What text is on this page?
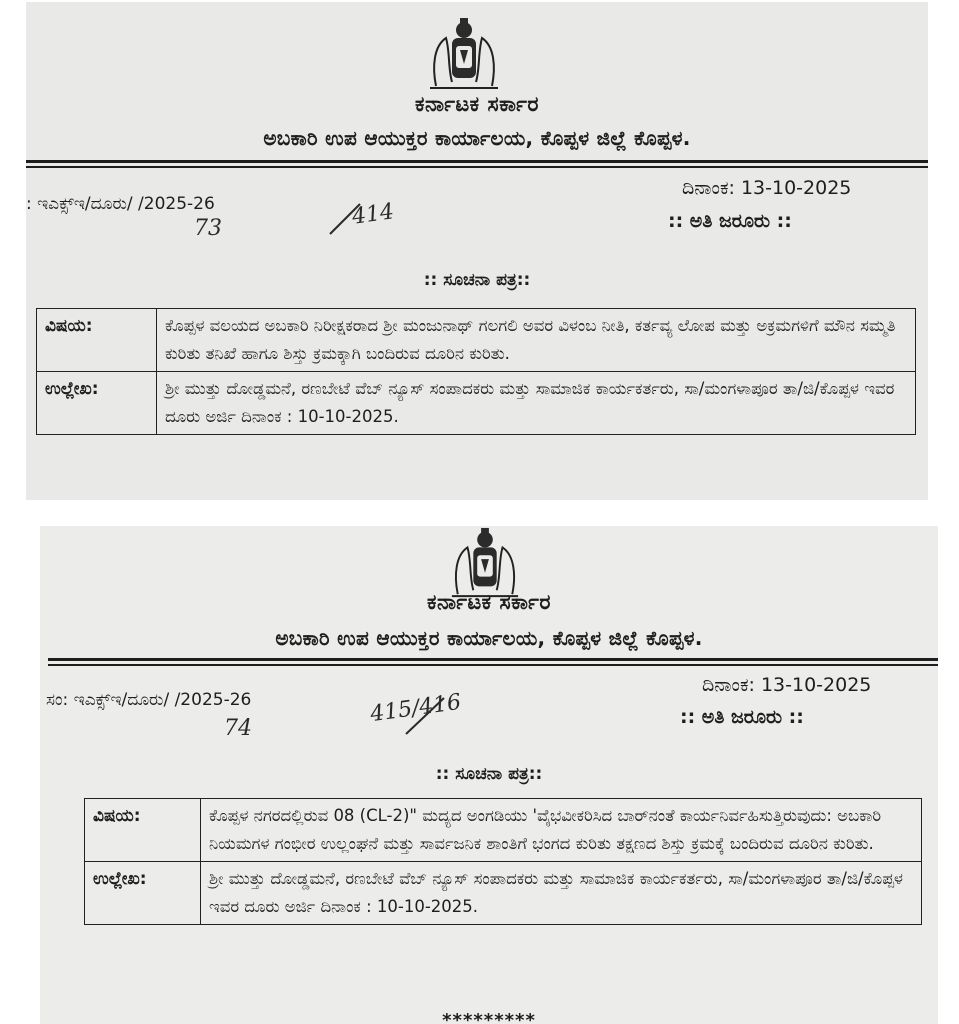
ಕರ್ನಾಟಕ ಸರ್ಕಾರ
ಅಬಕಾರಿ ಉಪ ಆಯುಕ್ತರ ಕಾರ್ಯಾಲಯ, ಕೊಪ್ಪಳ ಜಿಲ್ಲೆ ಕೊಪ್ಪಳ.
: ಇಎಕ್ಸ್ಇ/ದೂರು/ /2025-26
73	414
ದಿನಾಂಕ: 13-10-2025
:: ಅತಿ ಜರೂರು ::
:: ಸೂಚನಾ ಪತ್ರ::
ವಿಷಯ:	ಕೊಪ್ಪಳ ವಲಯದ ಅಬಕಾರಿ ನಿರೀಕ್ಷಕರಾದ ಶ್ರೀ ಮಂಜುನಾಥ್ ಗಲಗಲಿ ಅವರ ವಿಳಂಬ ನೀತಿ, ಕರ್ತವ್ಯ ಲೋಪ ಮತ್ತು ಅಕ್ರಮಗಳಿಗೆ ಮೌನ ಸಮ್ಮತಿ ಕುರಿತು ತನಿಖೆ ಹಾಗೂ ಶಿಸ್ತು ಕ್ರಮಕ್ಕಾಗಿ ಬಂದಿರುವ ದೂರಿನ ಕುರಿತು.
ಉಲ್ಲೇಖ:	ಶ್ರೀ ಮುತ್ತು ದೋಡ್ಡಮನೆ, ರಣಬೇಟೆ ವೆಬ್ ನ್ಯೂಸ್ ಸಂಪಾದಕರು ಮತ್ತು ಸಾಮಾಜಿಕ ಕಾರ್ಯಕರ್ತರು, ಸಾ/ಮಂಗಳಾಪೂರ ತಾ/ಜಿ/ಕೊಪ್ಪಳ ಇವರ ದೂರು ಅರ್ಜಿ ದಿನಾಂಕ : 10-10-2025.
ಕರ್ನಾಟಕ ಸರ್ಕಾರ
ಅಬಕಾರಿ ಉಪ ಆಯುಕ್ತರ ಕಾರ್ಯಾಲಯ, ಕೊಪ್ಪಳ ಜಿಲ್ಲೆ ಕೊಪ್ಪಳ.
ಸಂ: ಇಎಕ್ಸ್ಇ/ದೂರು/ /2025-26
74
415/416
ದಿನಾಂಕ: 13-10-2025
:: ಅತಿ ಜರೂರು ::
:: ಸೂಚನಾ ಪತ್ರ::
ವಿಷಯ:	ಕೊಪ್ಪಳ ನಗರದಲ್ಲಿರುವ 08 (CL-2)" ಮದ್ಯದ ಅಂಗಡಿಯು 'ವೈಭವೀಕರಿಸಿದ ಬಾರ್‌ನಂತೆ ಕಾರ್ಯನಿರ್ವಹಿಸುತ್ತಿರುವುದು: ಅಬಕಾರಿ ನಿಯಮಗಳ ಗಂಭೀರ ಉಲ್ಲಂಘನೆ ಮತ್ತು ಸಾರ್ವಜನಿಕ ಶಾಂತಿಗೆ ಭಂಗದ ಕುರಿತು ತಕ್ಷಣದ ಶಿಸ್ತು ಕ್ರಮಕ್ಕೆ ಬಂದಿರುವ ದೂರಿನ ಕುರಿತು.
ಉಲ್ಲೇಖ:	ಶ್ರೀ ಮುತ್ತು ದೋಡ್ಡಮನೆ, ರಣಬೇಟೆ ವೆಬ್ ನ್ಯೂಸ್ ಸಂಪಾದಕರು ಮತ್ತು ಸಾಮಾಜಿಕ ಕಾರ್ಯಕರ್ತರು, ಸಾ/ಮಂಗಳಾಪೂರ ತಾ/ಜಿ/ಕೊಪ್ಪಳ ಇವರ ದೂರು ಅರ್ಜಿ ದಿನಾಂಕ : 10-10-2025.
*********
